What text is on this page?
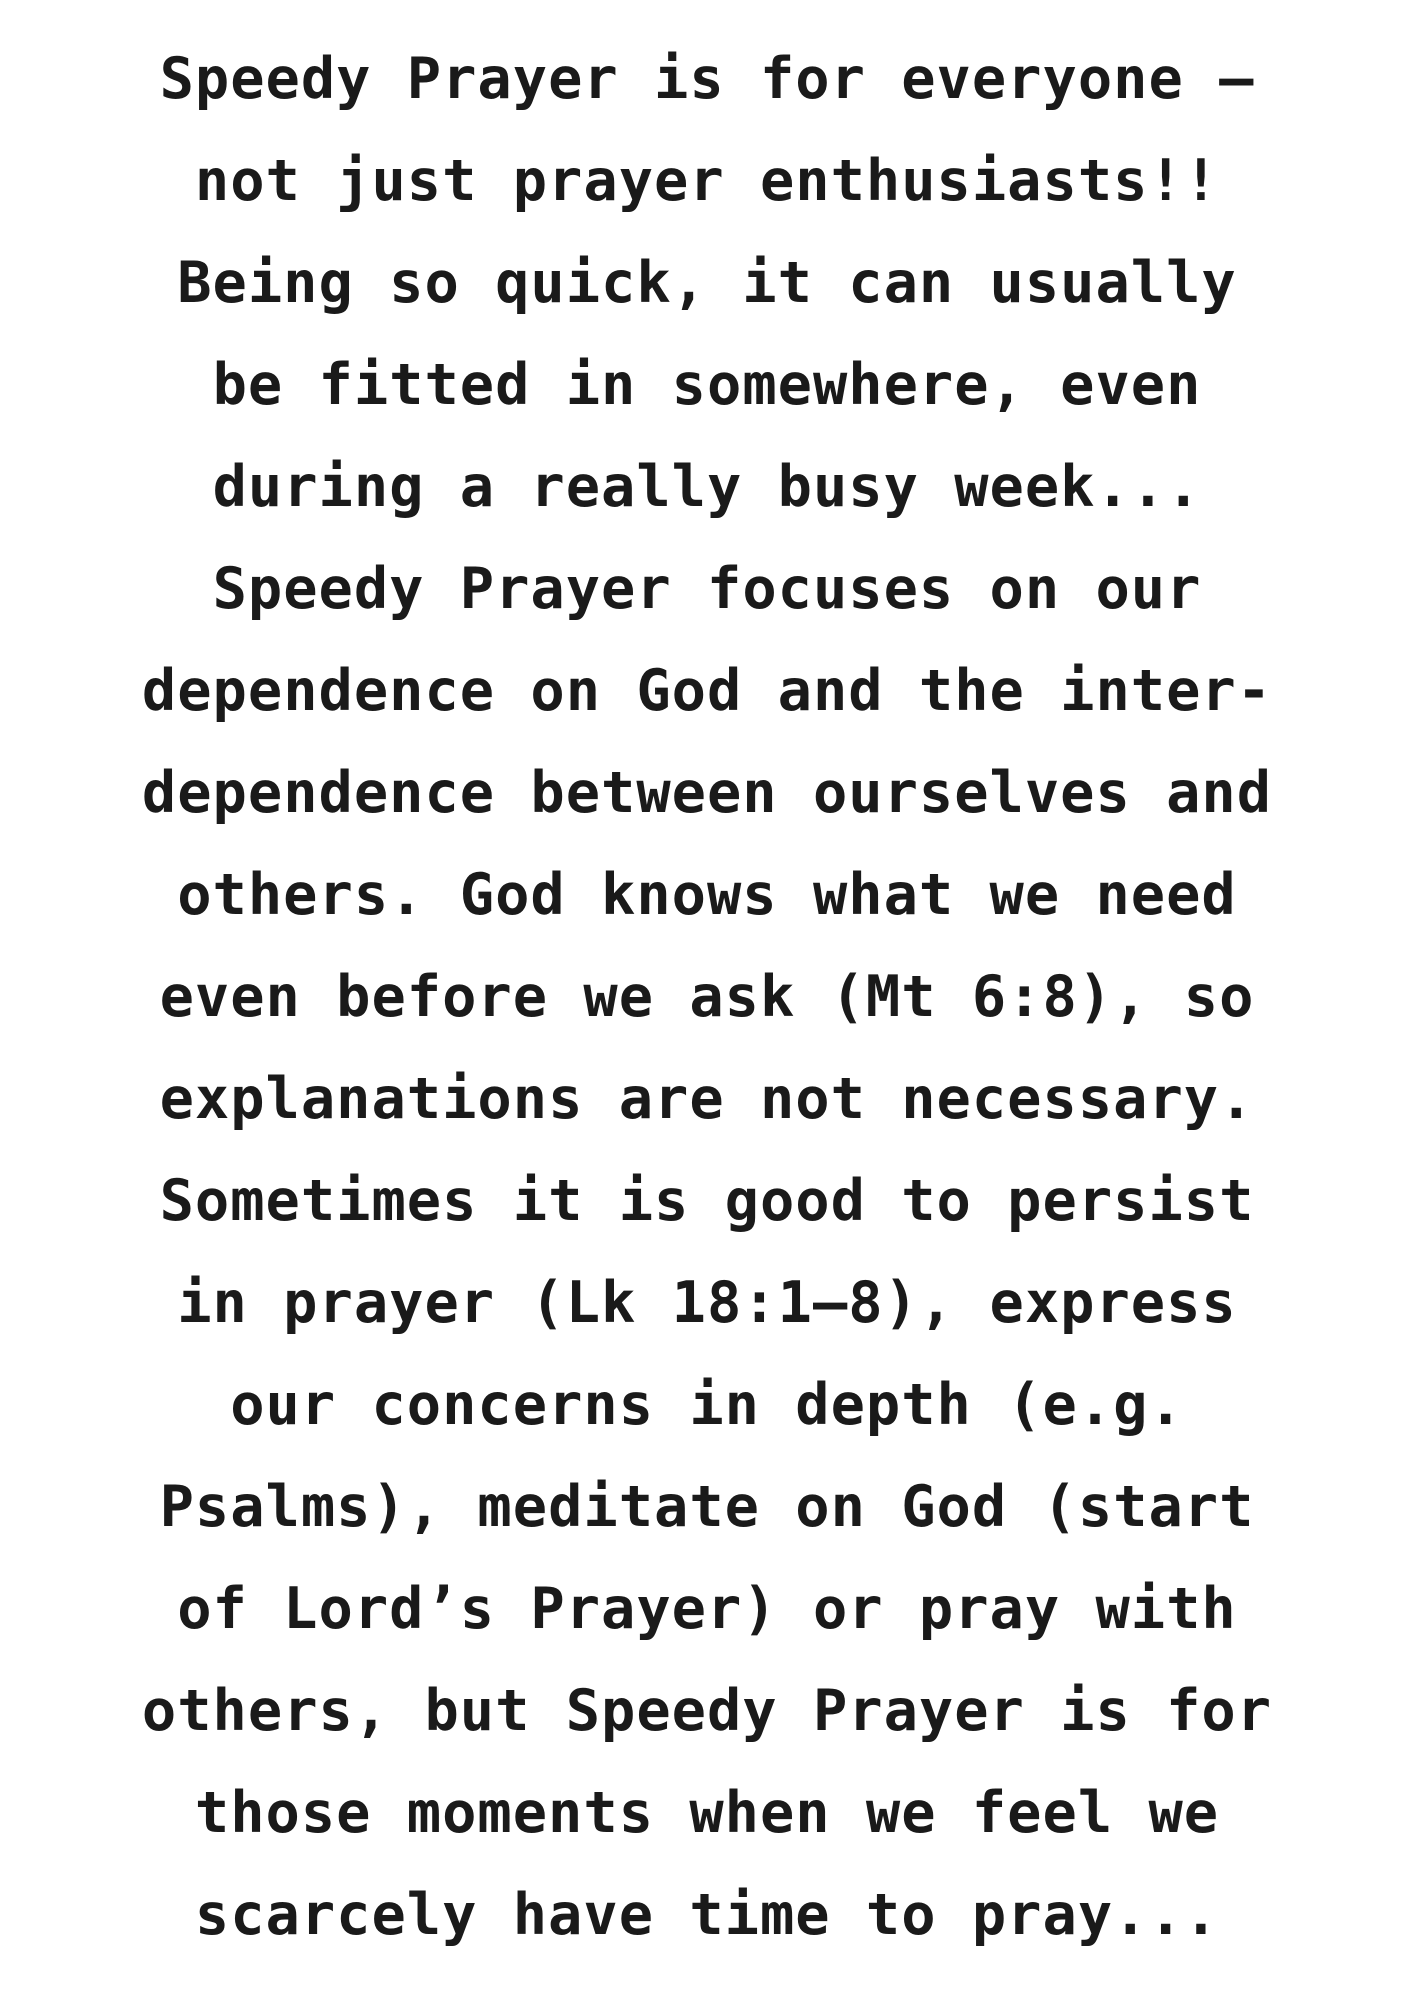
Speedy Prayer is for everyone –
not just prayer enthusiasts!!
Being so quick, it can usually
be fitted in somewhere, even
during a really busy week...
Speedy Prayer focuses on our
dependence on God and the inter-
dependence between ourselves and
others. God knows what we need
even before we ask (Mt 6:8), so
explanations are not necessary.
Sometimes it is good to persist
in prayer (Lk 18:1–8), express
our concerns in depth (e.g.
Psalms), meditate on God (start
of Lord’s Prayer) or pray with
others, but Speedy Prayer is for
those moments when we feel we
scarcely have time to pray...
